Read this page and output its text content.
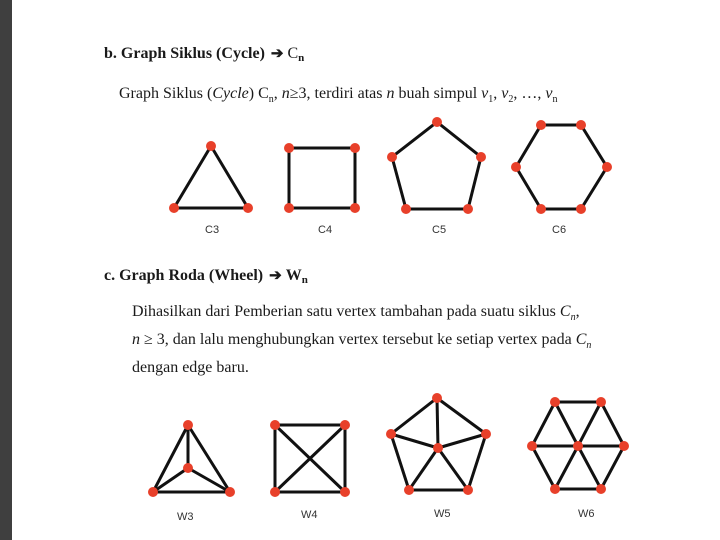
b. Graph Siklus (Cycle) ➔ $C_n$
Graph Siklus (Cycle) $C_n$, n≥3, terdiri atas n buah simpul $v_1$, $v_2$, …, $v_n$
C3	C4	C5	C6
c. Graph Roda (Wheel) ➔ $W_n$
Dihasilkan dari Pemberian satu vertex tambahan pada suatu siklus $C_n$,
n ≥ 3, dan lalu menghubungkan vertex tersebut ke setiap vertex pada $C_n$
dengan edge baru.
W3	W4	W5	W6
